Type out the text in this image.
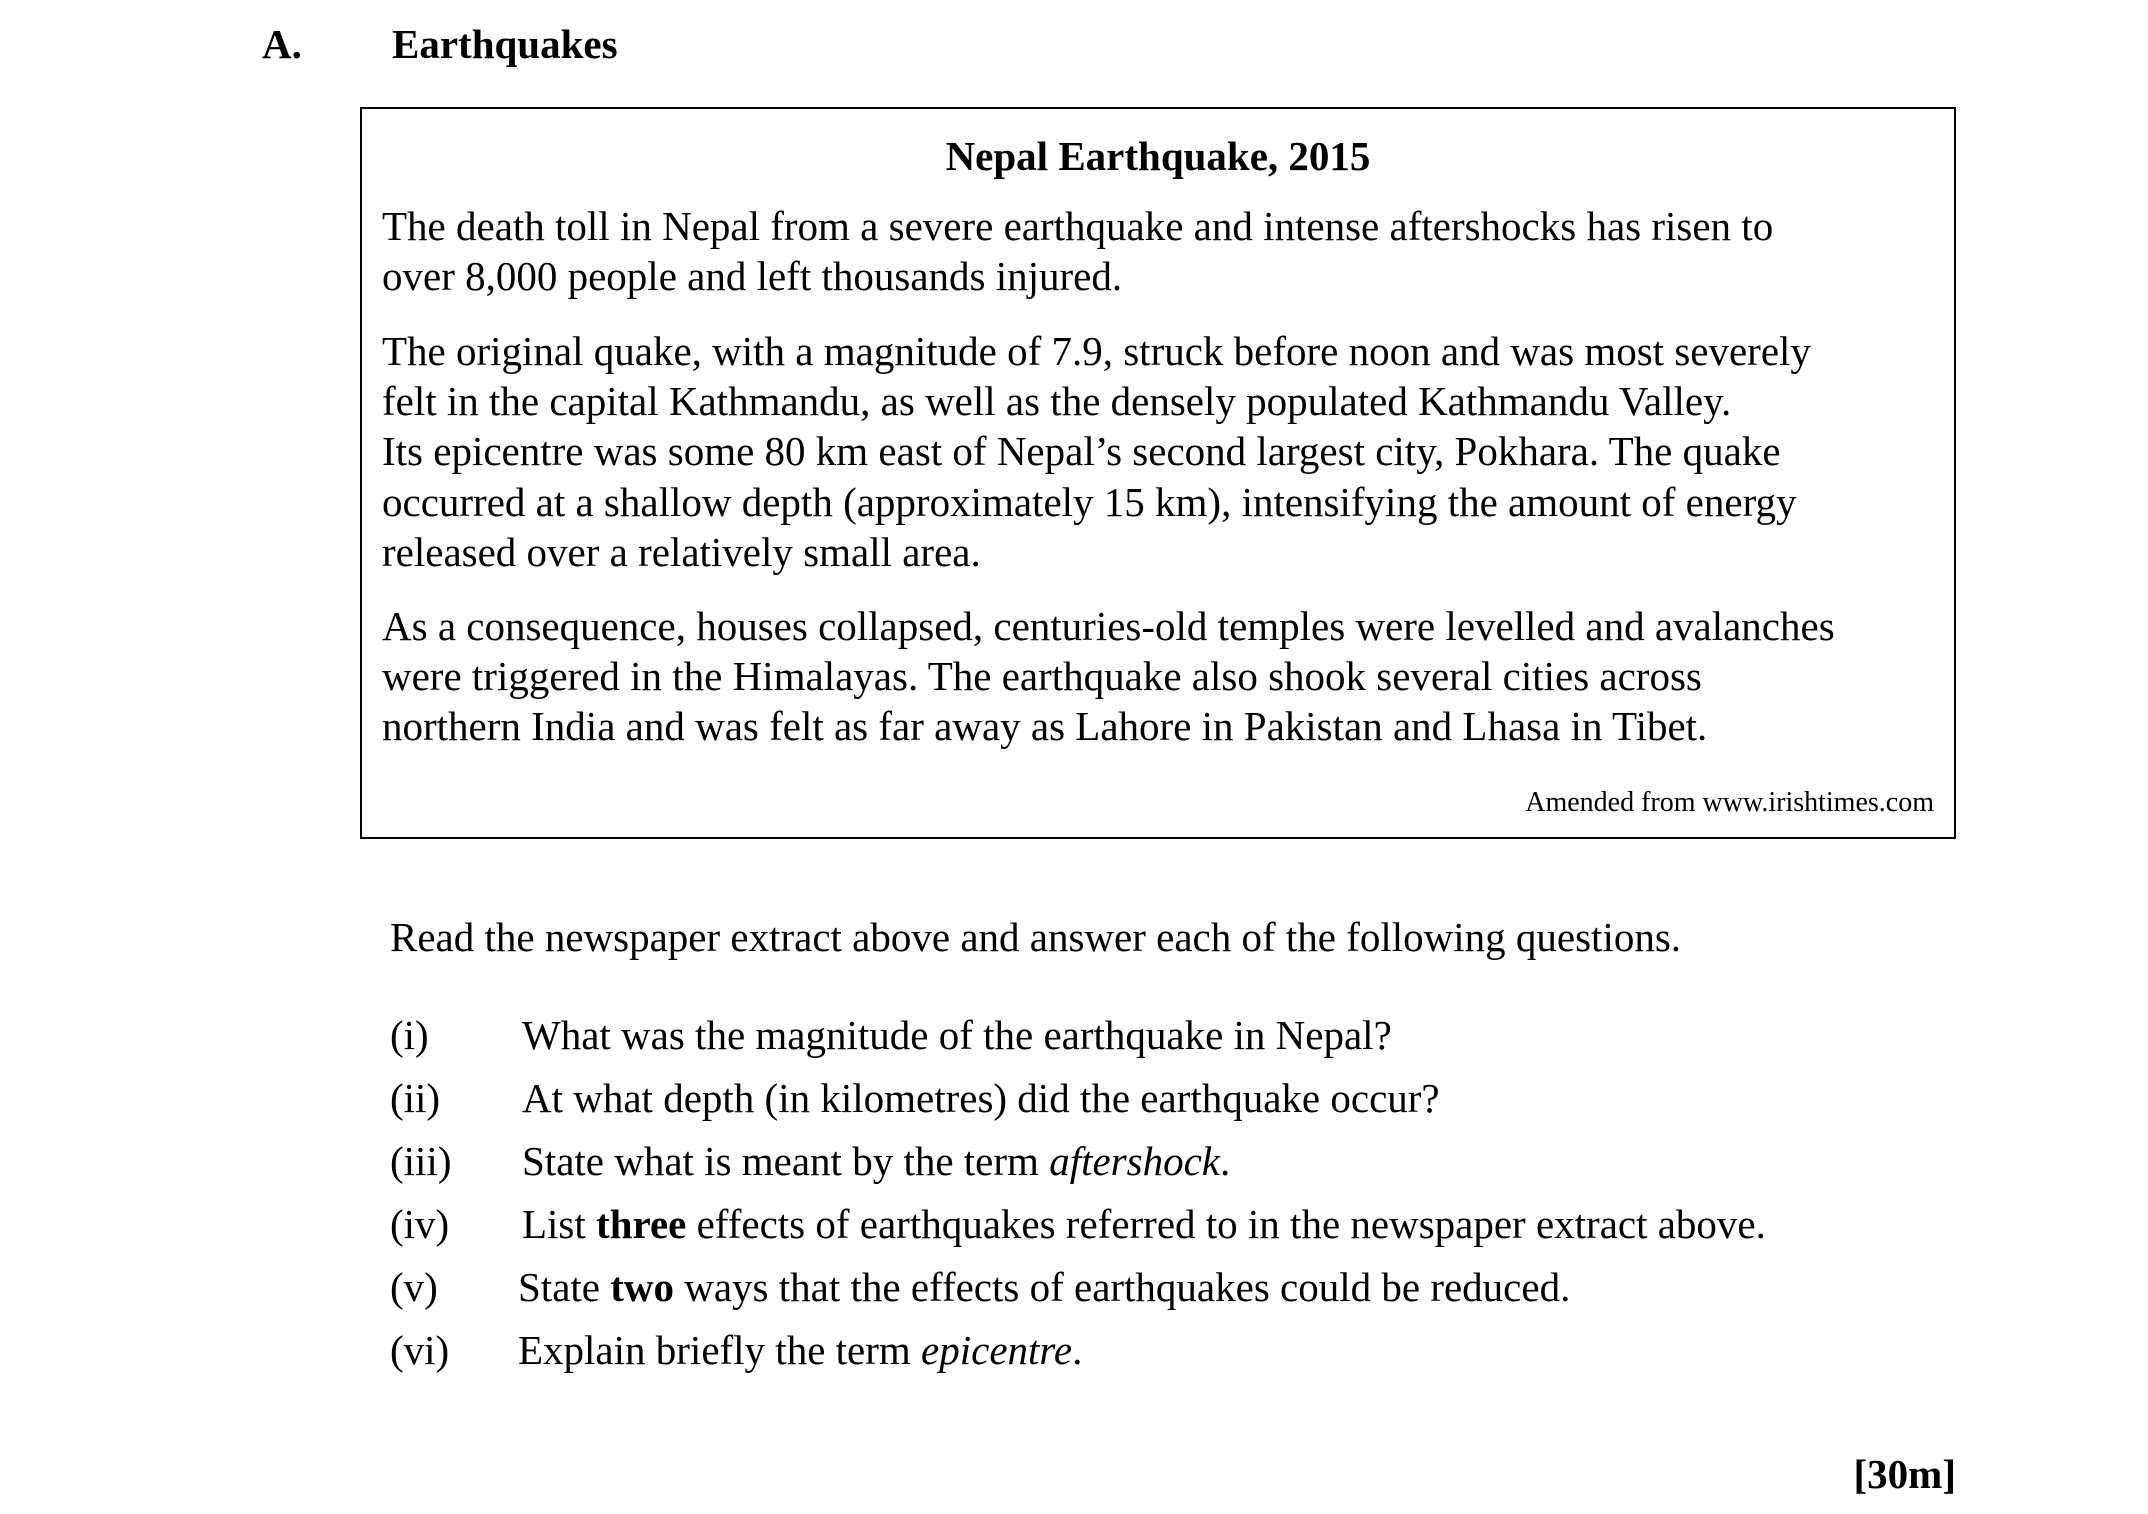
A. Earthquakes
Nepal Earthquake, 2015

The death toll in Nepal from a severe earthquake and intense aftershocks has risen to
over 8,000 people and left thousands injured.

The original quake, with a magnitude of 7.9, struck before noon and was most severely
felt in the capital Kathmandu, as well as the densely populated Kathmandu Valley.
Its epicentre was some 80 km east of Nepal’s second largest city, Pokhara. The quake
occurred at a shallow depth (approximately 15 km), intensifying the amount of energy
released over a relatively small area.

As a consequence, houses collapsed, centuries-old temples were levelled and avalanches
were triggered in the Himalayas. The earthquake also shook several cities across
northern India and was felt as far away as Lahore in Pakistan and Lhasa in Tibet.

Amended from www.irishtimes.com
Read the newspaper extract above and answer each of the following questions.
(i) What was the magnitude of the earthquake in Nepal?
(ii) At what depth (in kilometres) did the earthquake occur?
(iii) State what is meant by the term aftershock.
(iv) List three effects of earthquakes referred to in the newspaper extract above.
(v) State two ways that the effects of earthquakes could be reduced.
(vi) Explain briefly the term epicentre.
[30m]
